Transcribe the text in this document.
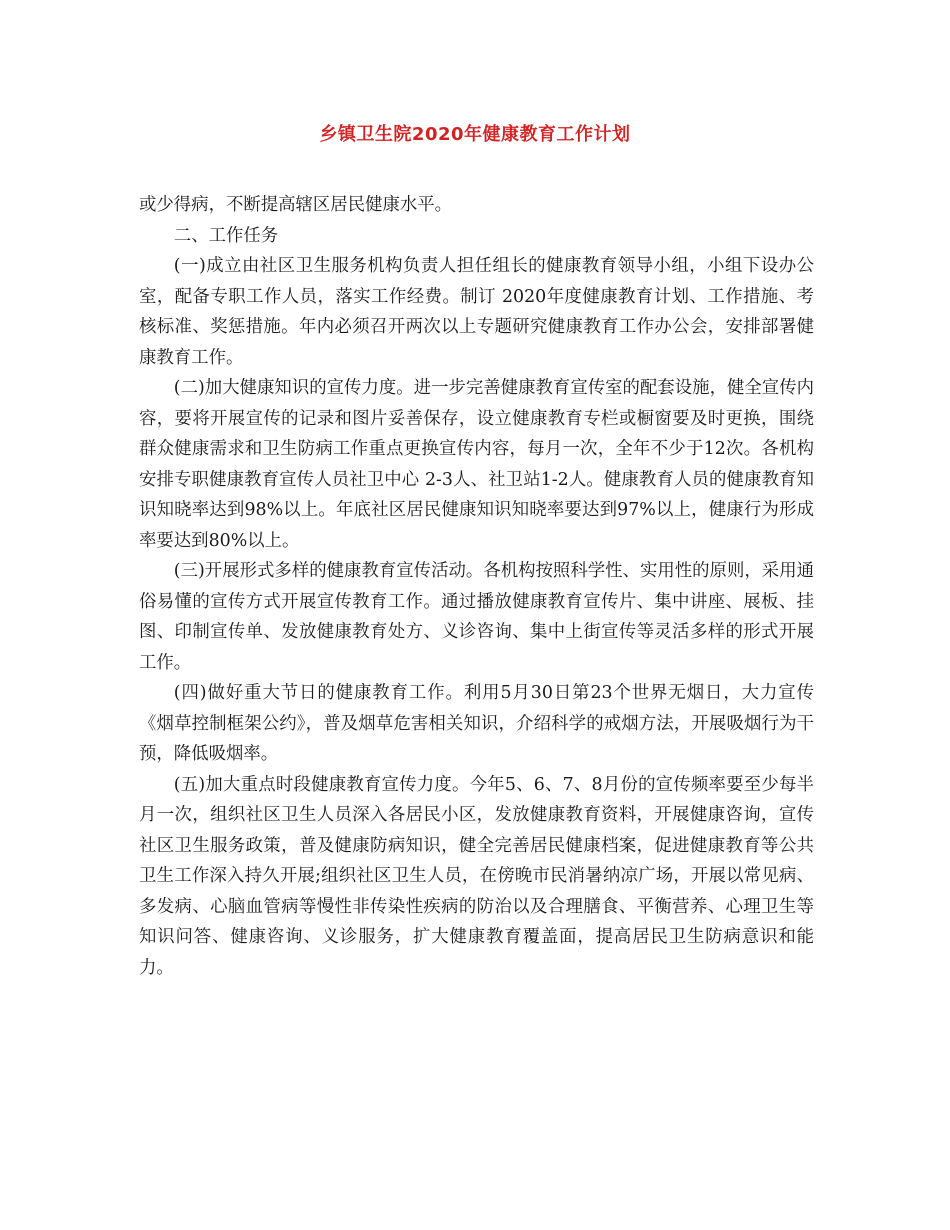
乡镇卫生院2020年健康教育工作计划

或少得病，不断提高辖区居民健康水平。

二、工作任务

(一)成立由社区卫生服务机构负责人担任组长的健康教育领导小组，小组下设办公室，配备专职工作人员，落实工作经费。制订 2020年度健康教育计划、工作措施、考核标准、奖惩措施。年内必须召开两次以上专题研究健康教育工作办公会，安排部署健康教育工作。

(二)加大健康知识的宣传力度。进一步完善健康教育宣传室的配套设施，健全宣传内容，要将开展宣传的记录和图片妥善保存，设立健康教育专栏或橱窗要及时更换，围绕群众健康需求和卫生防病工作重点更换宣传内容，每月一次，全年不少于12次。各机构安排专职健康教育宣传人员社卫中心 2-3人、社卫站1-2人。健康教育人员的健康教育知识知晓率达到98%以上。年底社区居民健康知识知晓率要达到97%以上，健康行为形成率要达到80%以上。

(三)开展形式多样的健康教育宣传活动。各机构按照科学性、实用性的原则，采用通俗易懂的宣传方式开展宣传教育工作。通过播放健康教育宣传片、集中讲座、展板、挂图、印制宣传单、发放健康教育处方、义诊咨询、集中上街宣传等灵活多样的形式开展工作。

(四)做好重大节日的健康教育工作。利用5月30日第23个世界无烟日，大力宣传《烟草控制框架公约》，普及烟草危害相关知识，介绍科学的戒烟方法，开展吸烟行为干预，降低吸烟率。

(五)加大重点时段健康教育宣传力度。今年5、6、7、8月份的宣传频率要至少每半月一次，组织社区卫生人员深入各居民小区，发放健康教育资料，开展健康咨询，宣传社区卫生服务政策，普及健康防病知识，健全完善居民健康档案，促进健康教育等公共卫生工作深入持久开展;组织社区卫生人员，在傍晚市民消暑纳凉广场，开展以常见病、多发病、心脑血管病等慢性非传染性疾病的防治以及合理膳食、平衡营养、心理卫生等知识问答、健康咨询、义诊服务，扩大健康教育覆盖面，提高居民卫生防病意识和能力。
